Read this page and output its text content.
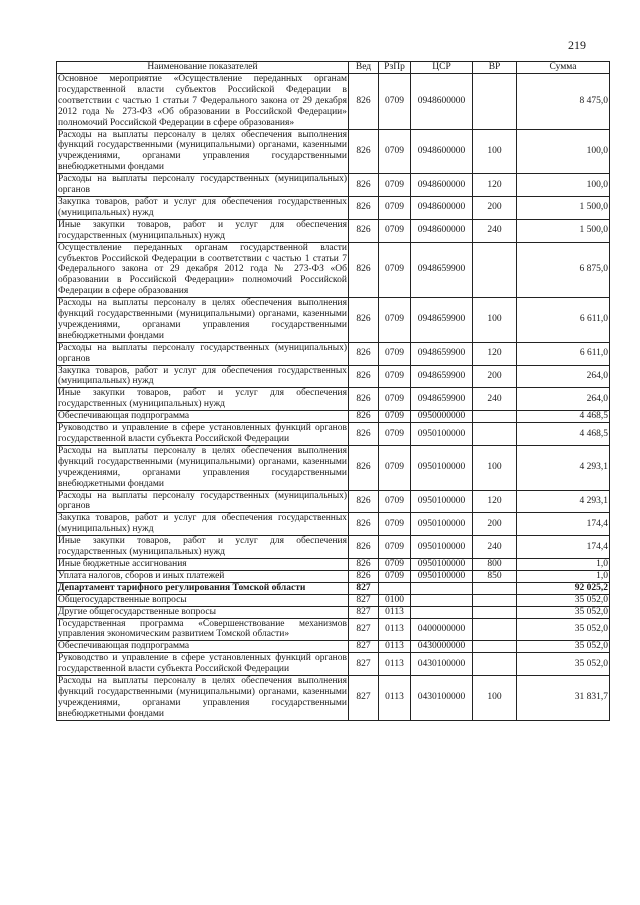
219
Наименование показателей	Вед	РзПр	ЦСР	ВР	Сумма
Основное мероприятие «Осуществление переданных органам государственной власти субъектов Российской Федерации в соответствии с частью 1 статьи 7 Федерального закона от 29 декабря 2012 года № 273-ФЗ «Об образовании в Российской Федерации» полномочий Российской Федерации в сфере образования»	826	0709	0948600000		8 475,0
Расходы на выплаты персоналу в целях обеспечения выполнения функций государственными (муниципальными) органами, казенными учреждениями, органами управления государственными внебюджетными фондами	826	0709	0948600000	100	100,0
Расходы на выплаты персоналу государственных (муниципальных) органов	826	0709	0948600000	120	100,0
Закупка товаров, работ и услуг для обеспечения государственных (муниципальных) нужд	826	0709	0948600000	200	1 500,0
Иные закупки товаров, работ и услуг для обеспечения государственных (муниципальных) нужд	826	0709	0948600000	240	1 500,0
Осуществление переданных органам государственной власти субъектов Российской Федерации в соответствии с частью 1 статьи 7 Федерального закона от 29 декабря 2012 года № 273-ФЗ «Об образовании в Российской Федерации» полномочий Российской Федерации в сфере образования	826	0709	0948659900		6 875,0
Расходы на выплаты персоналу в целях обеспечения выполнения функций государственными (муниципальными) органами, казенными учреждениями, органами управления государственными внебюджетными фондами	826	0709	0948659900	100	6 611,0
Расходы на выплаты персоналу государственных (муниципальных) органов	826	0709	0948659900	120	6 611,0
Закупка товаров, работ и услуг для обеспечения государственных (муниципальных) нужд	826	0709	0948659900	200	264,0
Иные закупки товаров, работ и услуг для обеспечения государственных (муниципальных) нужд	826	0709	0948659900	240	264,0
Обеспечивающая подпрограмма	826	0709	0950000000		4 468,5
Руководство и управление в сфере установленных функций органов государственной власти субъекта Российской Федерации	826	0709	0950100000		4 468,5
Расходы на выплаты персоналу в целях обеспечения выполнения функций государственными (муниципальными) органами, казенными учреждениями, органами управления государственными внебюджетными фондами	826	0709	0950100000	100	4 293,1
Расходы на выплаты персоналу государственных (муниципальных) органов	826	0709	0950100000	120	4 293,1
Закупка товаров, работ и услуг для обеспечения государственных (муниципальных) нужд	826	0709	0950100000	200	174,4
Иные закупки товаров, работ и услуг для обеспечения государственных (муниципальных) нужд	826	0709	0950100000	240	174,4
Иные бюджетные ассигнования	826	0709	0950100000	800	1,0
Уплата налогов, сборов и иных платежей	826	0709	0950100000	850	1,0
Департамент тарифного регулирования Томской области	827				92 025,2
Общегосударственные вопросы	827	0100			35 052,0
Другие общегосударственные вопросы	827	0113			35 052,0
Государственная программа «Совершенствование механизмов управления экономическим развитием Томской области»	827	0113	0400000000		35 052,0
Обеспечивающая подпрограмма	827	0113	0430000000		35 052,0
Руководство и управление в сфере установленных функций органов государственной власти субъекта Российской Федерации	827	0113	0430100000		35 052,0
Расходы на выплаты персоналу в целях обеспечения выполнения функций государственными (муниципальными) органами, казенными учреждениями, органами управления государственными внебюджетными фондами	827	0113	0430100000	100	31 831,7
